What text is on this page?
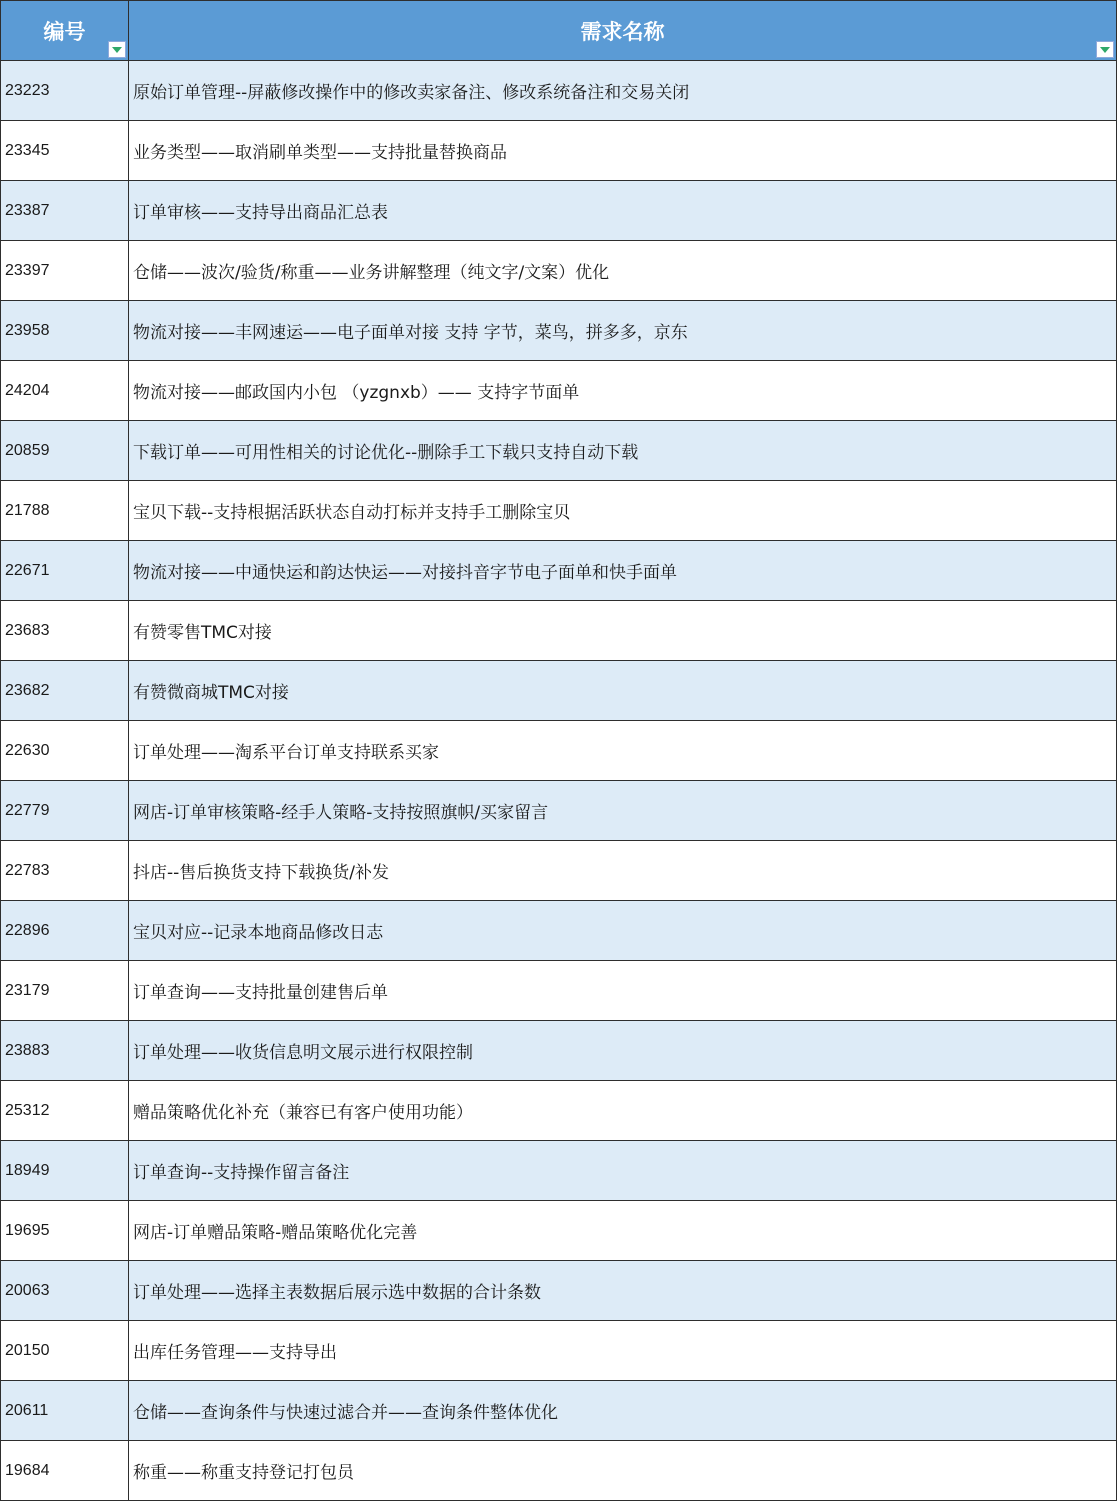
编号	需求名称
23223	原始订单管理--屏蔽修改操作中的修改卖家备注、修改系统备注和交易关闭
23345	业务类型——取消刷单类型——支持批量替换商品
23387	订单审核——支持导出商品汇总表
23397	仓储——波次/验货/称重——业务讲解整理（纯文字/文案）优化
23958	物流对接——丰网速运——电子面单对接 支持 字节，菜鸟，拼多多，京东
24204	物流对接——邮政国内小包 （yzgnxb）—— 支持字节面单
20859	下载订单——可用性相关的讨论优化--删除手工下载只支持自动下载
21788	宝贝下载--支持根据活跃状态自动打标并支持手工删除宝贝
22671	物流对接——中通快运和韵达快运——对接抖音字节电子面单和快手面单
23683	有赞零售TMC对接
23682	有赞微商城TMC对接
22630	订单处理——淘系平台订单支持联系买家
22779	网店-订单审核策略-经手人策略-支持按照旗帜/买家留言
22783	抖店--售后换货支持下载换货/补发
22896	宝贝对应--记录本地商品修改日志
23179	订单查询——支持批量创建售后单
23883	订单处理——收货信息明文展示进行权限控制
25312	赠品策略优化补充（兼容已有客户使用功能）
18949	订单查询--支持操作留言备注
19695	网店-订单赠品策略-赠品策略优化完善
20063	订单处理——选择主表数据后展示选中数据的合计条数
20150	出库任务管理——支持导出
20611	仓储——查询条件与快速过滤合并——查询条件整体优化
19684	称重——称重支持登记打包员
